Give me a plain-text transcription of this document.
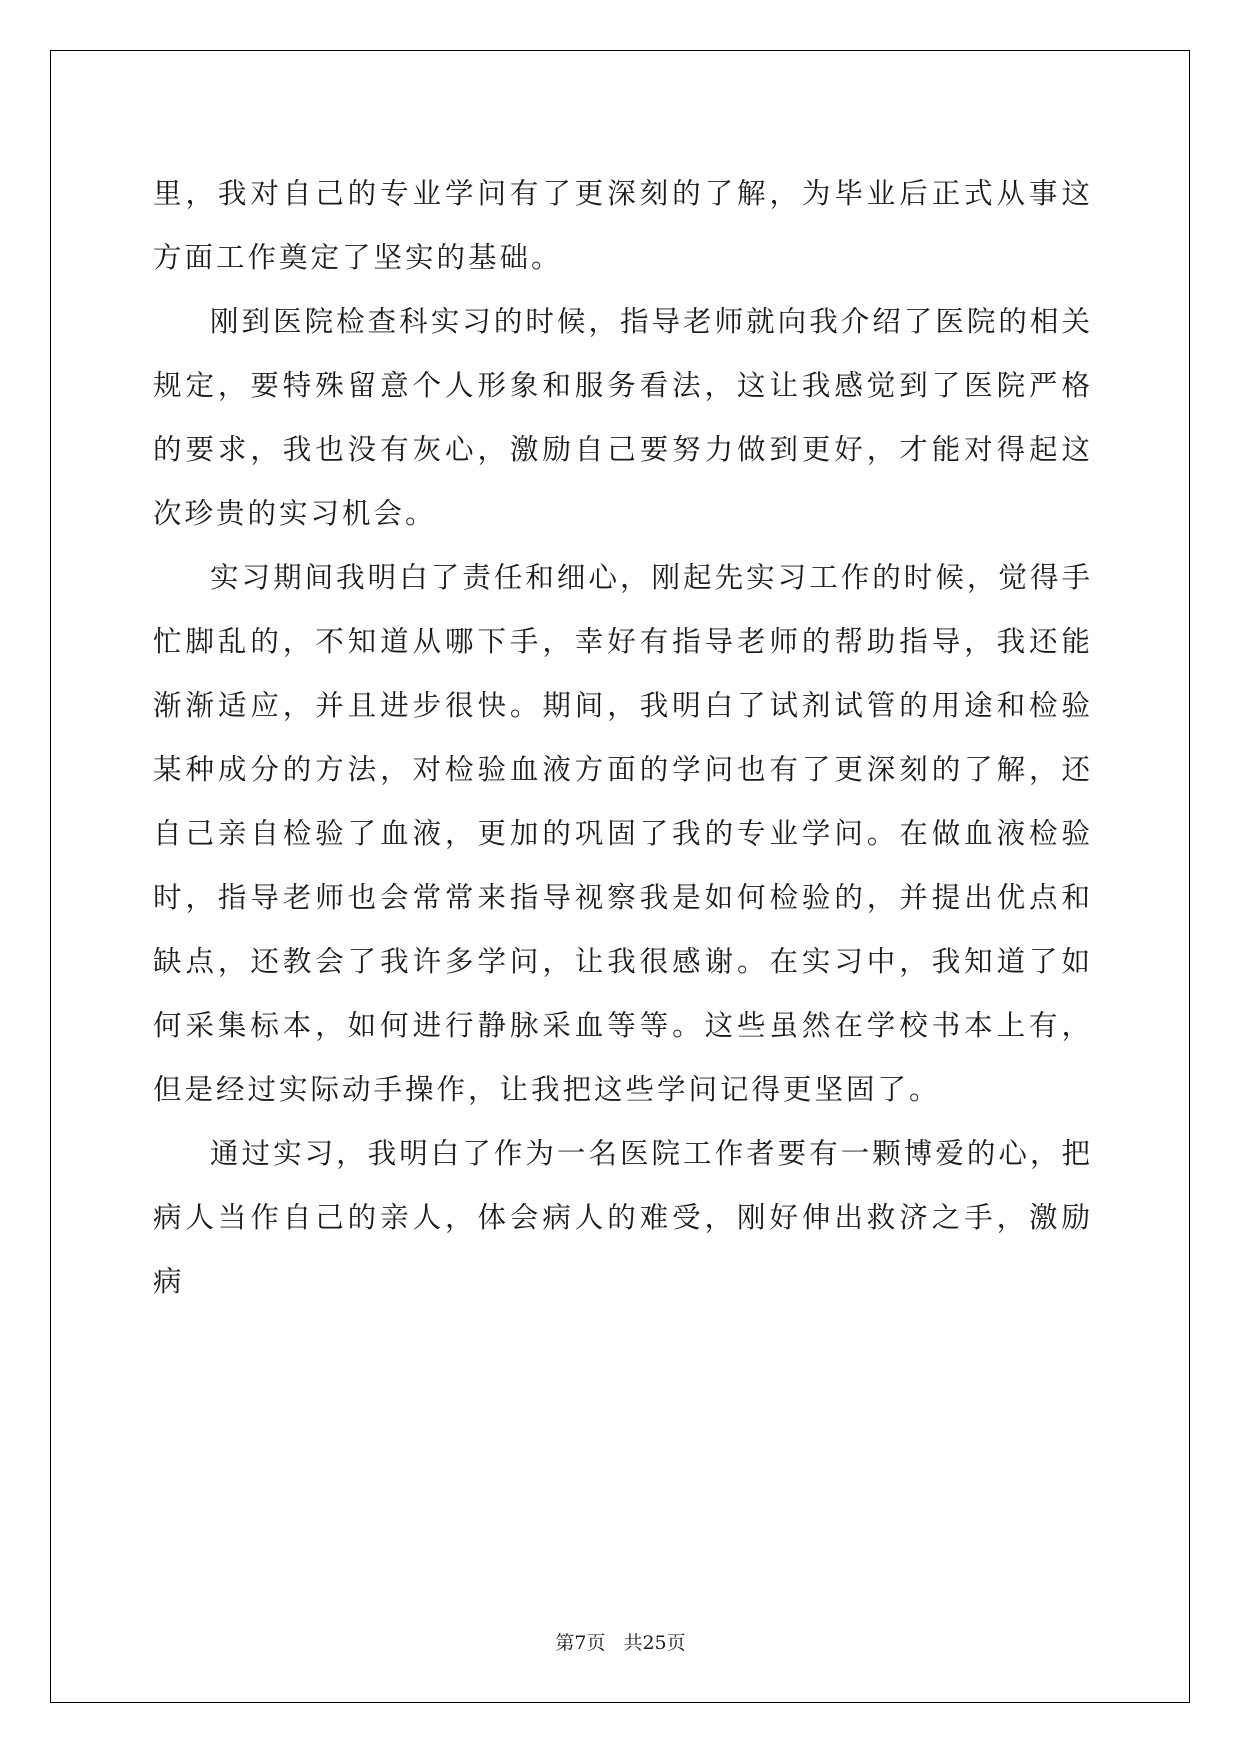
里，我对自己的专业学问有了更深刻的了解，为毕业后正式从事这方面工作奠定了坚实的基础。

刚到医院检查科实习的时候，指导老师就向我介绍了医院的相关规定，要特殊留意个人形象和服务看法，这让我感觉到了医院严格的要求，我也没有灰心，激励自己要努力做到更好，才能对得起这次珍贵的实习机会。

实习期间我明白了责任和细心，刚起先实习工作的时候，觉得手忙脚乱的，不知道从哪下手，幸好有指导老师的帮助指导，我还能渐渐适应，并且进步很快。期间，我明白了试剂试管的用途和检验某种成分的方法，对检验血液方面的学问也有了更深刻的了解，还自己亲自检验了血液，更加的巩固了我的专业学问。在做血液检验时，指导老师也会常常来指导视察我是如何检验的，并提出优点和缺点，还教会了我许多学问，让我很感谢。在实习中，我知道了如何采集标本，如何进行静脉采血等等。这些虽然在学校书本上有，但是经过实际动手操作，让我把这些学问记得更坚固了。

通过实习，我明白了作为一名医院工作者要有一颗博爱的心，把病人当作自己的亲人，体会病人的难受，刚好伸出救济之手，激励病

第7页 共25页
